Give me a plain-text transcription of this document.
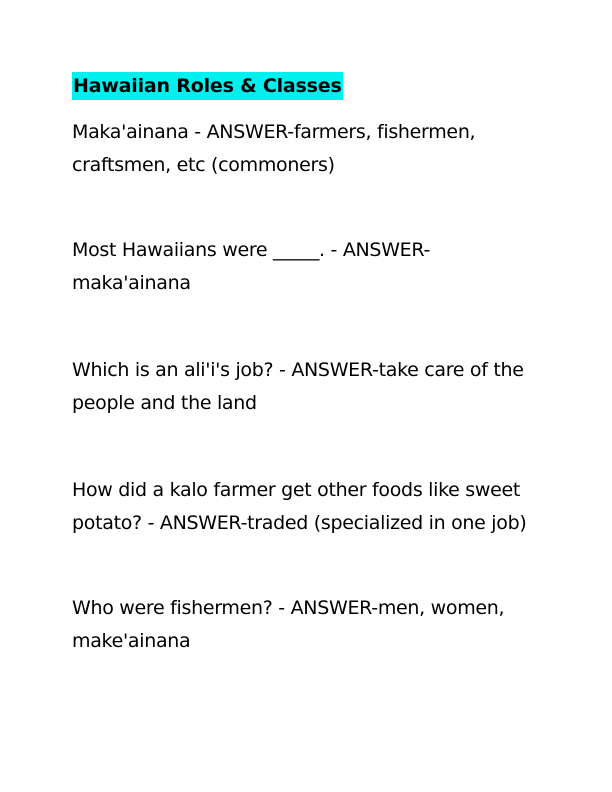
Hawaiian Roles & Classes

Maka'ainana - ANSWER-farmers, fishermen, craftsmen, etc (commoners)

Most Hawaiians were _____. - ANSWER-maka'ainana

Which is an ali'i's job? - ANSWER-take care of the people and the land

How did a kalo farmer get other foods like sweet potato? - ANSWER-traded (specialized in one job)

Who were fishermen? - ANSWER-men, women, make'ainana
